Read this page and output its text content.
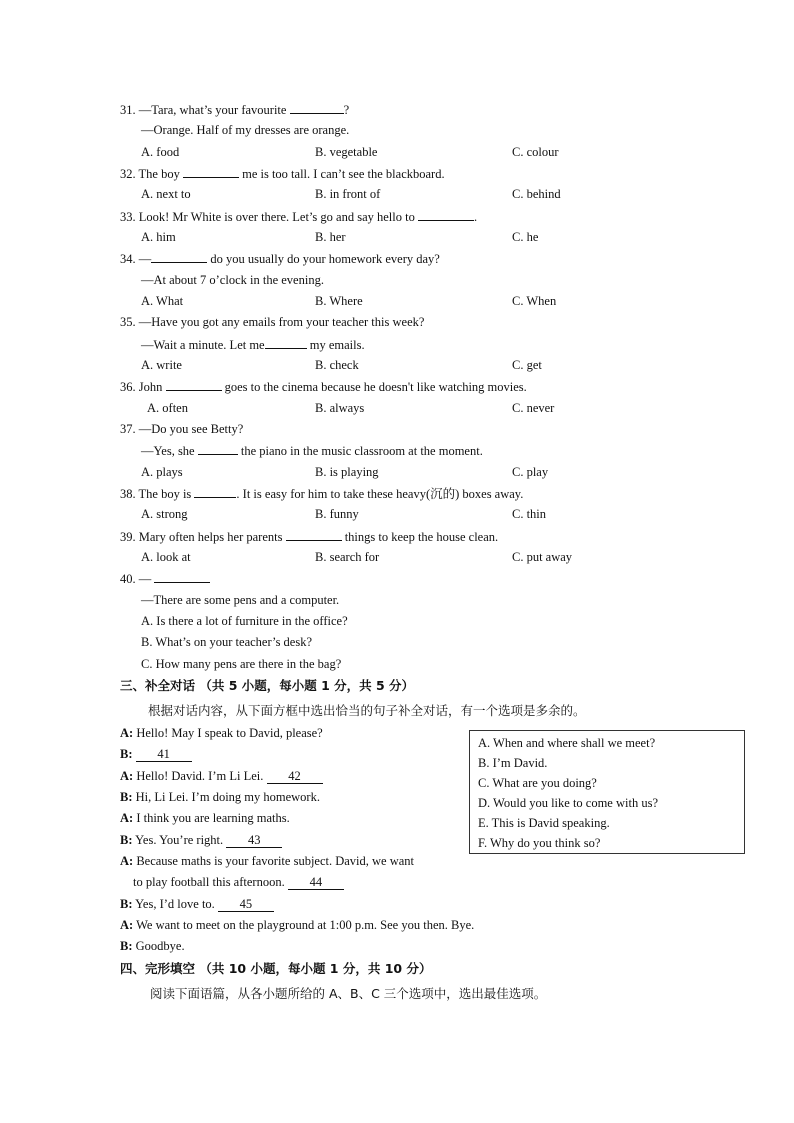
31. —Tara, what’s your favourite	?
—Orange. Half of my dresses are orange.
A. food	B. vegetable	C. colour
32. The boy	me is too tall. I can’t see the blackboard.
A. next to	B. in front of	C. behind
33. Look! Mr White is over there. Let’s go and say hello to	.
A. him	B. her	C. he
34. —	do you usually do your homework every day?
—At about 7 o’clock in the evening.
A. What	B. Where	C. When
35. —Have you got any emails from your teacher this week?
—Wait a minute. Let me	my emails.
A. write	B. check	C. get
36. John	goes to the cinema because he doesn't like watching movies.
A. often	B. always	C. never
37. —Do you see Betty?
—Yes, she	the piano in the music classroom at the moment.
A. plays	B. is playing	C. play
38. The boy is	. It is easy for him to take these heavy(沉的) boxes away.
A. strong	B. funny	C. thin
39. Mary often helps her parents	things to keep the house clean.
A. look at	B. search for	C. put away
40. —
—There are some pens and a computer.
A. Is there a lot of furniture in the office?
B. What’s on your teacher’s desk?
C. How many pens are there in the bag?
三、补全对话 （共 5 小题，每小题 1 分，共 5 分）
根据对话内容，从下面方框中选出恰当的句子补全对话，有一个选项是多余的。
A: Hello! May I speak to David, please?
B: 41
A: Hello! David. I’m Li Lei. 42
B: Hi, Li Lei. I’m doing my homework.
A: I think you are learning maths.
B: Yes. You’re right. 43
A: Because maths is your favorite subject. David, we want
to play football this afternoon. 44
B: Yes, I’d love to. 45
A: We want to meet on the playground at 1:00 p.m. See you then. Bye.
B: Goodbye.
A. When and where shall we meet?
B. I’m David.
C. What are you doing?
D. Would you like to come with us?
E. This is David speaking.
F. Why do you think so?
四、完形填空 （共 10 小题，每小题 1 分，共 10 分）
阅读下面语篇，从各小题所给的 A、B、C 三个选项中，选出最佳选项。
